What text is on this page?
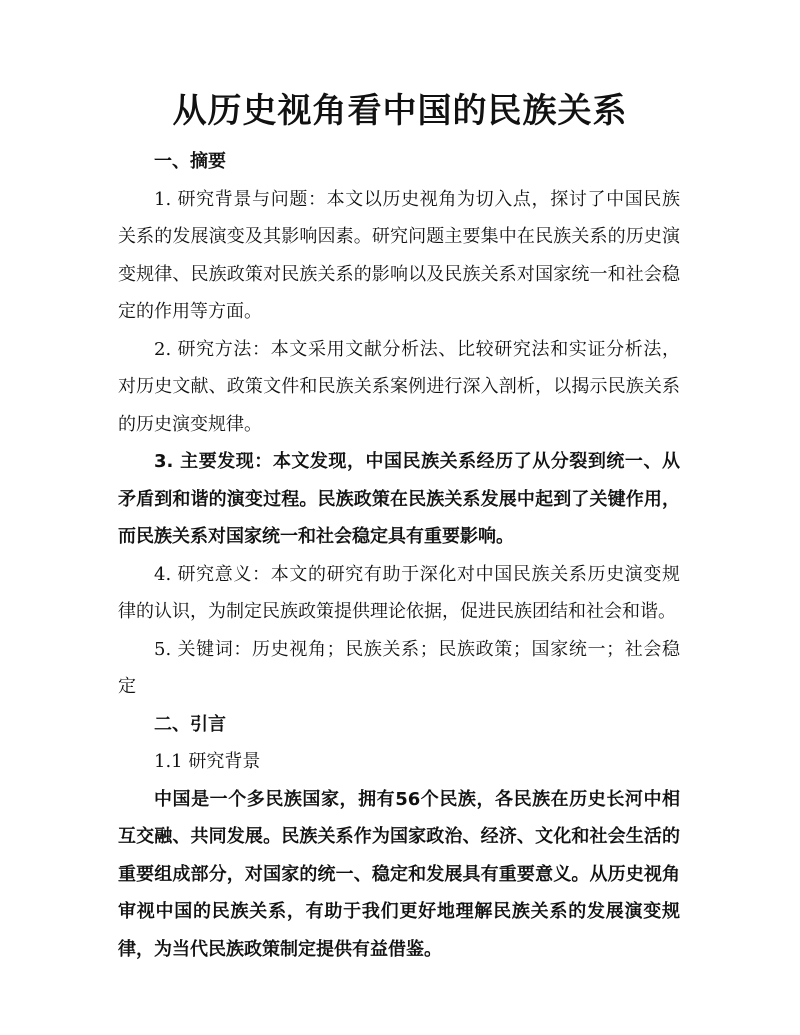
从历史视角看中国的民族关系
一、摘要

1. 研究背景与问题：本文以历史视角为切入点，探讨了中国民族关系的发展演变及其影响因素。研究问题主要集中在民族关系的历史演变规律、民族政策对民族关系的影响以及民族关系对国家统一和社会稳定的作用等方面。

2. 研究方法：本文采用文献分析法、比较研究法和实证分析法，对历史文献、政策文件和民族关系案例进行深入剖析，以揭示民族关系的历史演变规律。

3. 主要发现：本文发现，中国民族关系经历了从分裂到统一、从矛盾到和谐的演变过程。民族政策在民族关系发展中起到了关键作用，而民族关系对国家统一和社会稳定具有重要影响。

4. 研究意义：本文的研究有助于深化对中国民族关系历史演变规律的认识，为制定民族政策提供理论依据，促进民族团结和社会和谐。

5. 关键词：历史视角；民族关系；民族政策；国家统一；社会稳定

二、引言

1.1 研究背景

中国是一个多民族国家，拥有56个民族，各民族在历史长河中相互交融、共同发展。民族关系作为国家政治、经济、文化和社会生活的重要组成部分，对国家的统一、稳定和发展具有重要意义。从历史视角审视中国的民族关系，有助于我们更好地理解民族关系的发展演变规律，为当代民族政策制定提供有益借鉴。
